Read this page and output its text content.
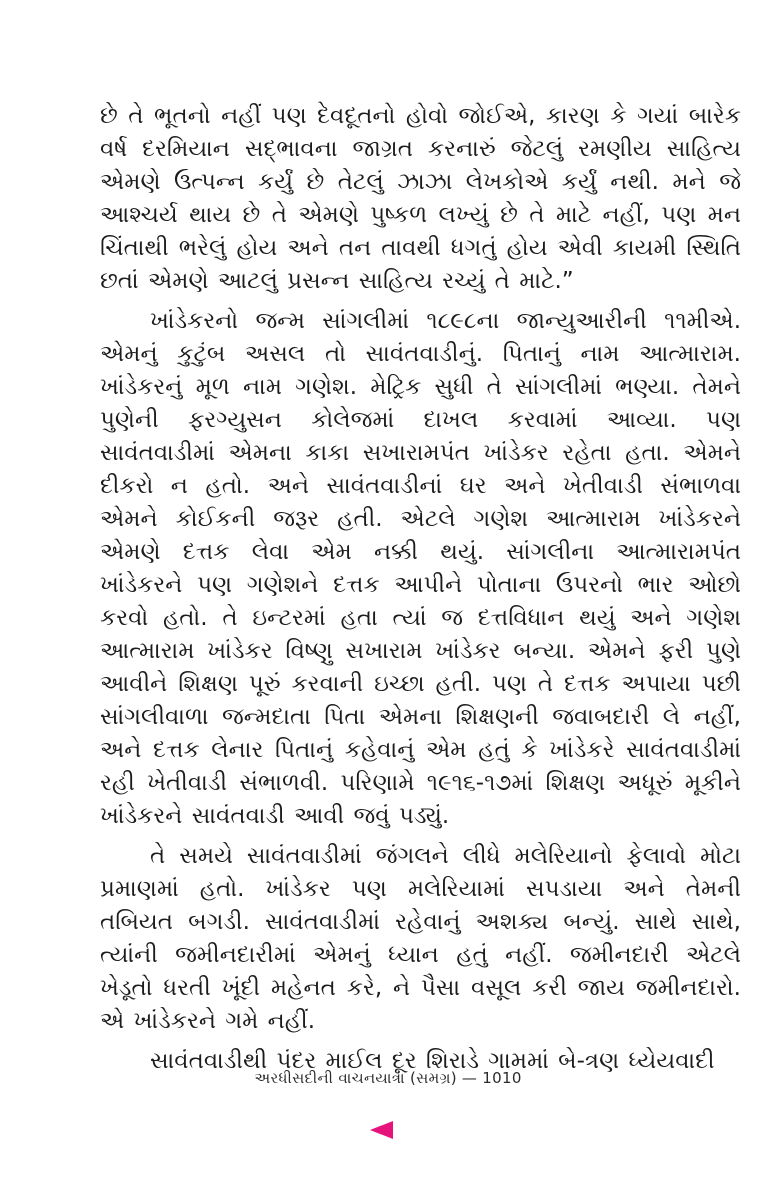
છે તે ભૂતનો નહીં પણ દેવદૂતનો હોવો જોઈએ, કારણ કે ગયાં બારેક વર્ષ દરમિયાન સદ્ભાવના જાગ્રત કરનારું જેટલું રમણીય સાહિત્ય એમણે ઉત્પન્ન કર્યું છે તેટલું ઝાઝા લેખકોએ કર્યું નથી. મને જે આશ્ચર્ય થાય છે તે એમણે પુષ્કળ લખ્યું છે તે માટે નહીં, પણ મન ચિંતાથી ભરેલું હોય અને તન તાવથી ધગતું હોય એવી કાયમી સ્થિતિ છતાં એમણે આટલું પ્રસન્ન સાહિત્ય રચ્યું તે માટે.”

ખાંડેકરનો જન્મ સાંગલીમાં ૧૮૯૮ના જાન્યુઆરીની ૧૧મીએ. એમનું કુટુંબ અસલ તો સાવંતવાડીનું. પિતાનું નામ આત્મારામ. ખાંડેકરનું મૂળ નામ ગણેશ. મેટ્રિક સુધી તે સાંગલીમાં ભણ્યા. તેમને પુણેની ફરગ્યુસન કોલેજમાં દાખલ કરવામાં આવ્યા. પણ સાવંતવાડીમાં એમના કાકા સખારામપંત ખાંડેકર રહેતા હતા. એમને દીકરો ન હતો. અને સાવંતવાડીનાં ઘર અને ખેતીવાડી સંભાળવા એમને કોઈકની જરૂર હતી. એટલે ગણેશ આત્મારામ ખાંડેકરને એમણે દત્તક લેવા એમ નક્કી થયું. સાંગલીના આત્મારામપંત ખાંડેકરને પણ ગણેશને દત્તક આપીને પોતાના ઉપરનો ભાર ઓછો કરવો હતો. તે ઇન્ટરમાં હતા ત્યાં જ દત્તવિધાન થયું અને ગણેશ આત્મારામ ખાંડેકર વિષ્ણુ સખારામ ખાંડેકર બન્યા. એમને ફરી પુણે આવીને શિક્ષણ પૂરું કરવાની ઇચ્છા હતી. પણ તે દત્તક અપાયા પછી સાંગલીવાળા જન્મદાતા પિતા એમના શિક્ષણની જવાબદારી લે નહીં, અને દત્તક લેનાર પિતાનું કહેવાનું એમ હતું કે ખાંડેકરે સાવંતવાડીમાં રહી ખેતીવાડી સંભાળવી. પરિણામે ૧૯૧૬-૧૭માં શિક્ષણ અધૂરું મૂકીને ખાંડેકરને સાવંતવાડી આવી જવું પડ્યું.

તે સમયે સાવંતવાડીમાં જંગલને લીધે મલેરિયાનો ફેલાવો મોટા પ્રમાણમાં હતો. ખાંડેકર પણ મલેરિયામાં સપડાયા અને તેમની તબિયત બગડી. સાવંતવાડીમાં રહેવાનું અશક્ય બન્યું. સાથે સાથે, ત્યાંની જમીનદારીમાં એમનું ધ્યાન હતું નહીં. જમીનદારી એટલે ખેડૂતો ધરતી ખૂંદી મહેનત કરે, ને પૈસા વસૂલ કરી જાય જમીનદારો. એ ખાંડેકરને ગમે નહીં.

સાવંતવાડીથી પંદર માઈલ દૂર શિરાડે ગામમાં બે-ત્રણ ધ્યેયવાદી

અરધીસદીની વાચનયાત્રા (સમગ્ર) — 1010
